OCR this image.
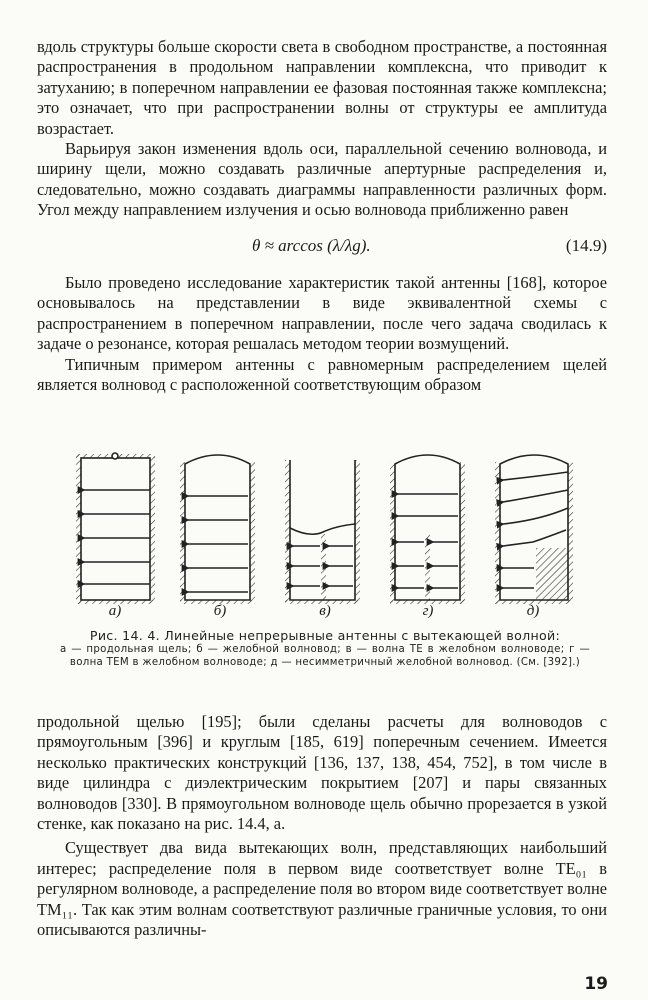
вдоль структуры больше скорости света в свободном пространстве, а постоянная распространения в продольном направлении комплексна, что приводит к затуханию; в поперечном направлении ее фазовая постоянная также комплексна; это означает, что при распространении волны от структуры ее амплитуда возрастает.

Варьируя закон изменения вдоль оси, параллельной сечению волновода, и ширину щели, можно создавать различные апертурные распределения и, следовательно, можно создавать диаграммы направленности различных форм. Угол между направлением излучения и осью волновода приближенно равен

θ ≈ arccos (λ/λg).	(14.9)

Было проведено исследование характеристик такой антенны [168], которое основывалось на представлении в виде эквивалентной схемы с распространением в поперечном направлении, после чего задача сводилась к задаче о резонансе, которая решалась методом теории возмущений.

Типичным примером антенны с равномерным распределением щелей является волновод с расположенной соответствующим образом

а)	б)	в)	г)	д)
Рис. 14. 4. Линейные непрерывные антенны с вытекающей волной:
а — продольная щель; б — желобной волновод; в — волна ТЕ в желобном волноводе; г — волна ТЕМ в желобном волноводе; д — несимметричный желобной волновод. (См. [392].)

продольной щелью [195]; были сделаны расчеты для волноводов с прямоугольным [396] и круглым [185, 619] поперечным сечением. Имеется несколько практических конструкций [136, 137, 138, 454, 752], в том числе в виде цилиндра с диэлектрическим покрытием [207] и пары связанных волноводов [330]. В прямоугольном волноводе щель обычно прорезается в узкой стенке, как показано на рис. 14.4, а.

Существует два вида вытекающих волн, представляющих наибольший интерес; распределение поля в первом виде соответствует волне TE₀₁ в регулярном волноводе, а распределение поля во втором виде соответствует волне TM₁₁. Так как этим волнам соответствуют различные граничные условия, то они описываются различны-

19
